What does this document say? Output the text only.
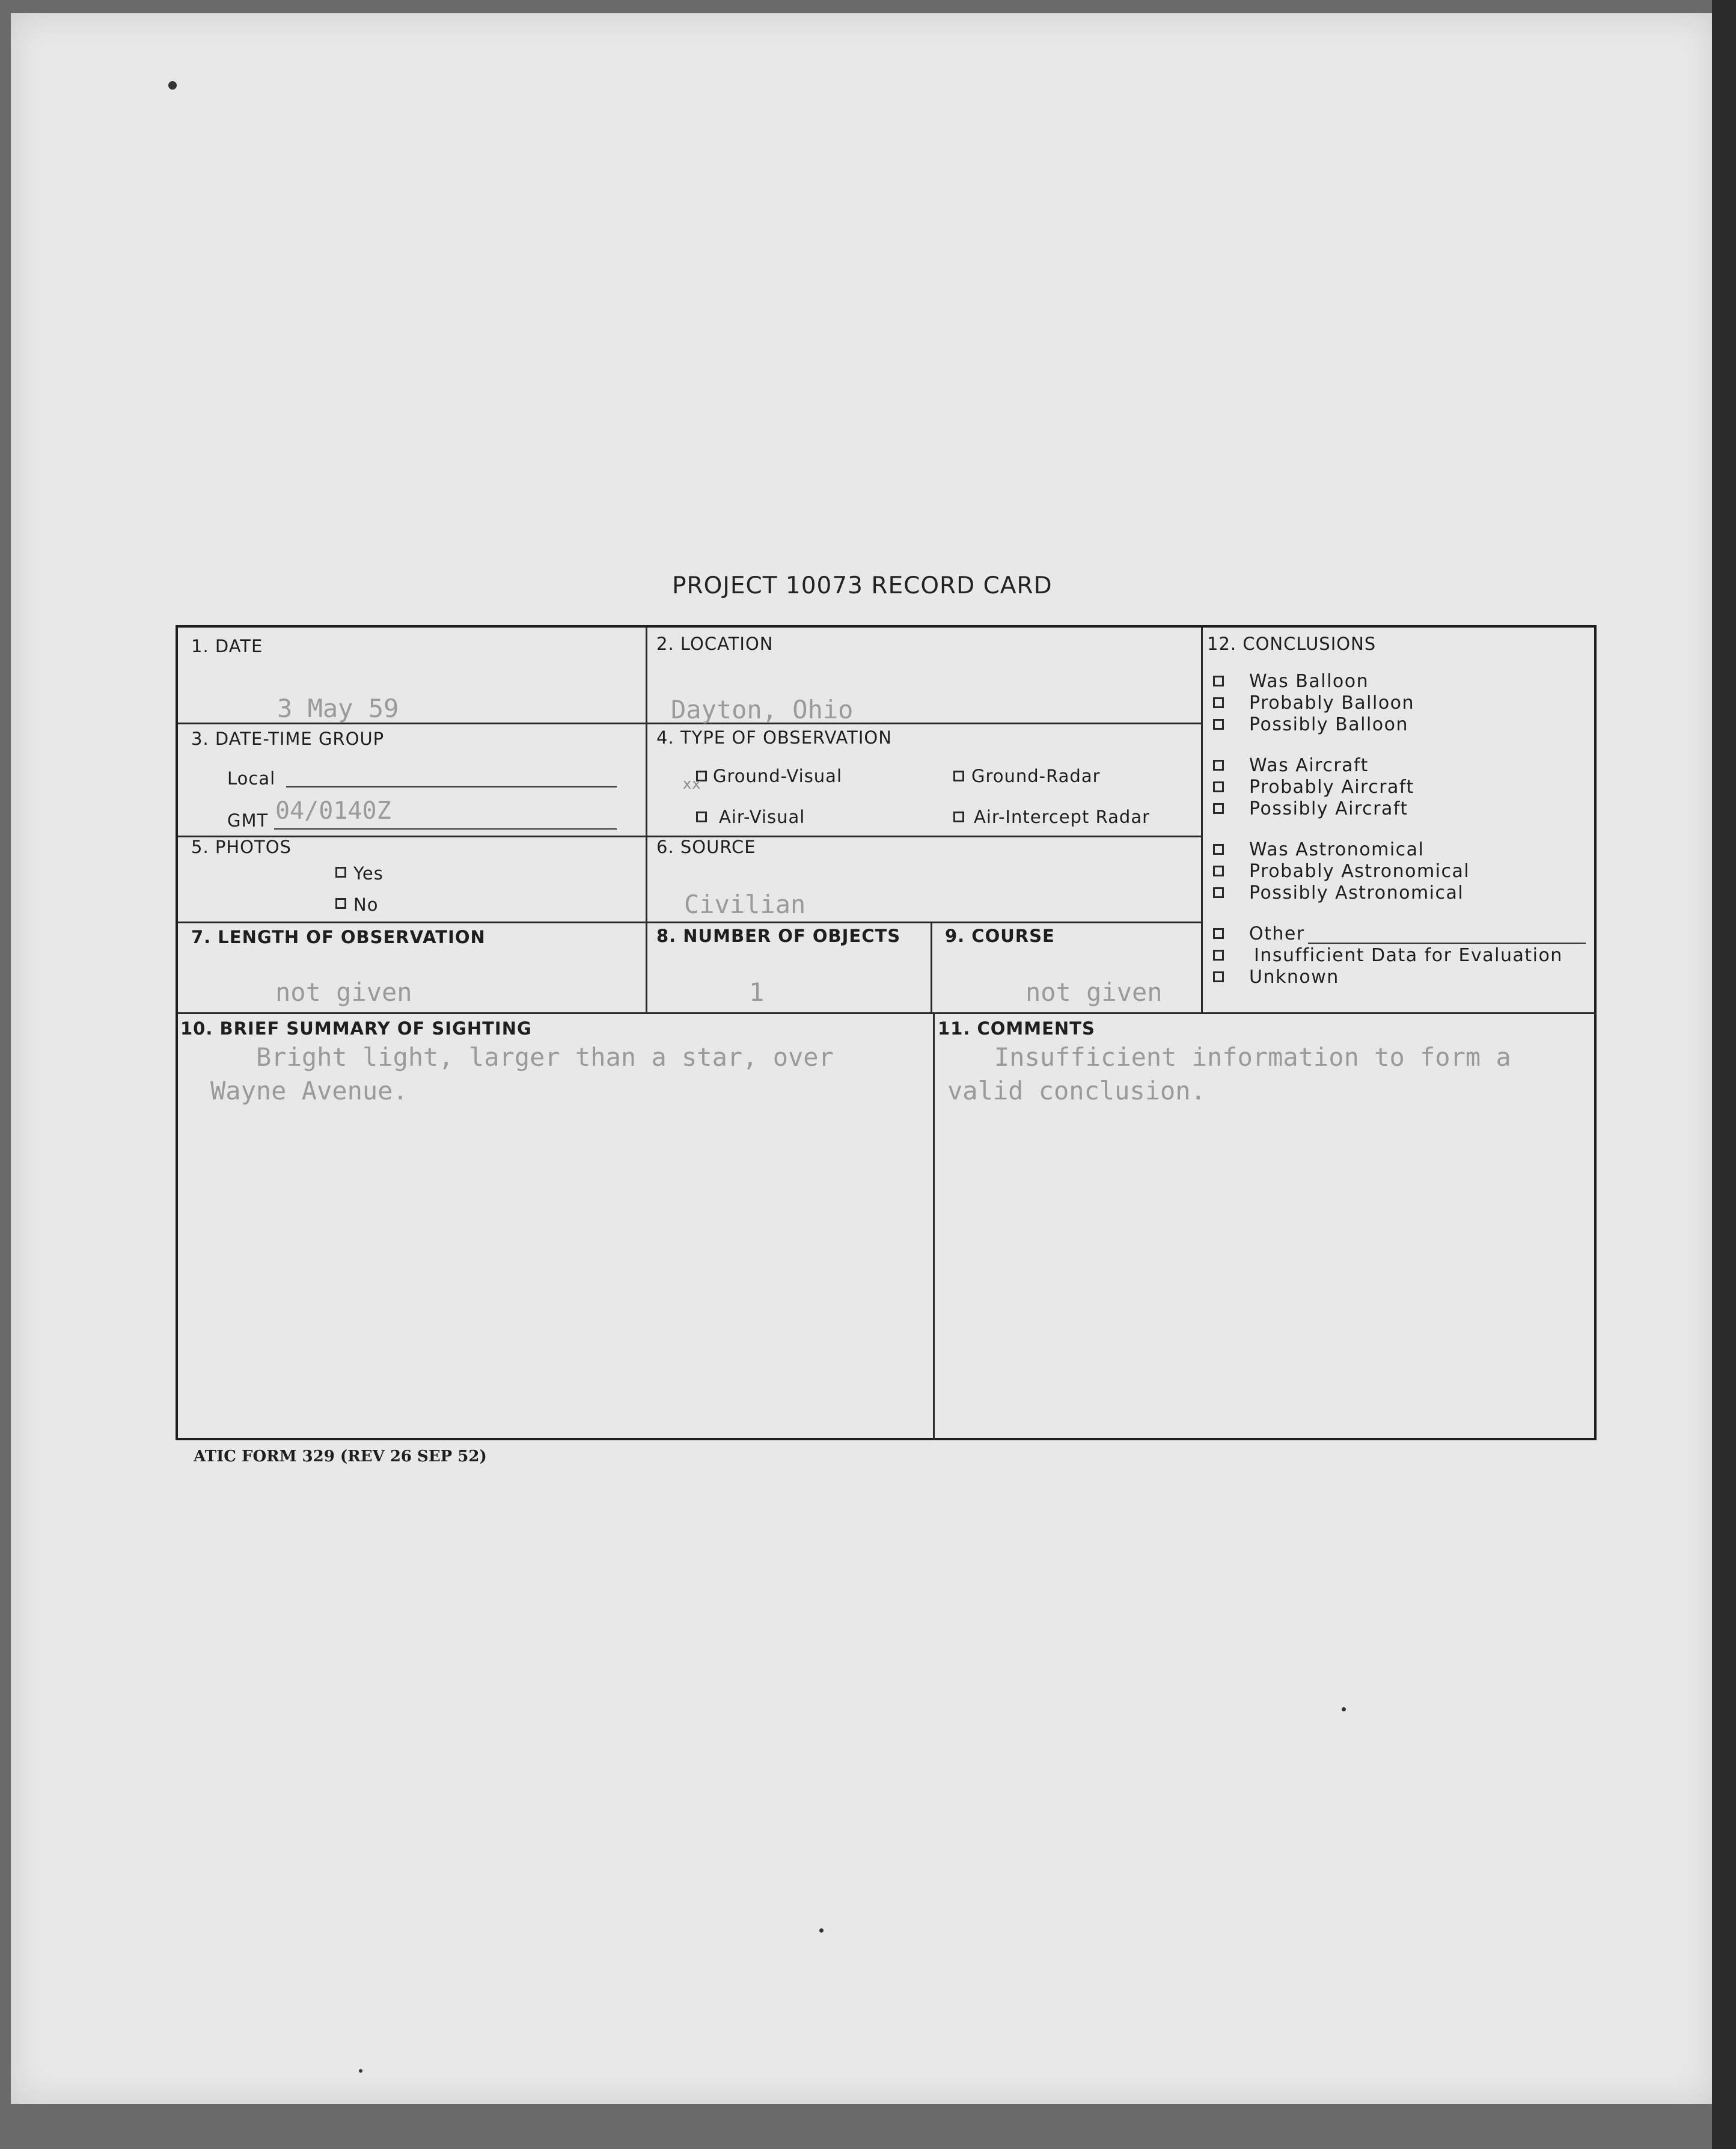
PROJECT 10073 RECORD CARD
1. DATE
3 May 59
2. LOCATION
Dayton, Ohio
3. DATE-TIME GROUP
Local
GMT 04/0140Z
4. TYPE OF OBSERVATION
xx Ground-Visual	Ground-Radar
Air-Visual	Air-Intercept Radar
5. PHOTOS
Yes
No
6. SOURCE
Civilian
7. LENGTH OF OBSERVATION
not given
8. NUMBER OF OBJECTS
1
9. COURSE
not given
10. BRIEF SUMMARY OF SIGHTING
Bright light, larger than a star, over
Wayne Avenue.
11. COMMENTS
Insufficient information to form a
valid conclusion.
12. CONCLUSIONS
Was Balloon
Probably Balloon
Possibly Balloon
Was Aircraft
Probably Aircraft
Possibly Aircraft
Was Astronomical
Probably Astronomical
Possibly Astronomical
Other
Insufficient Data for Evaluation
Unknown
ATIC FORM 329 (REV 26 SEP 52)
